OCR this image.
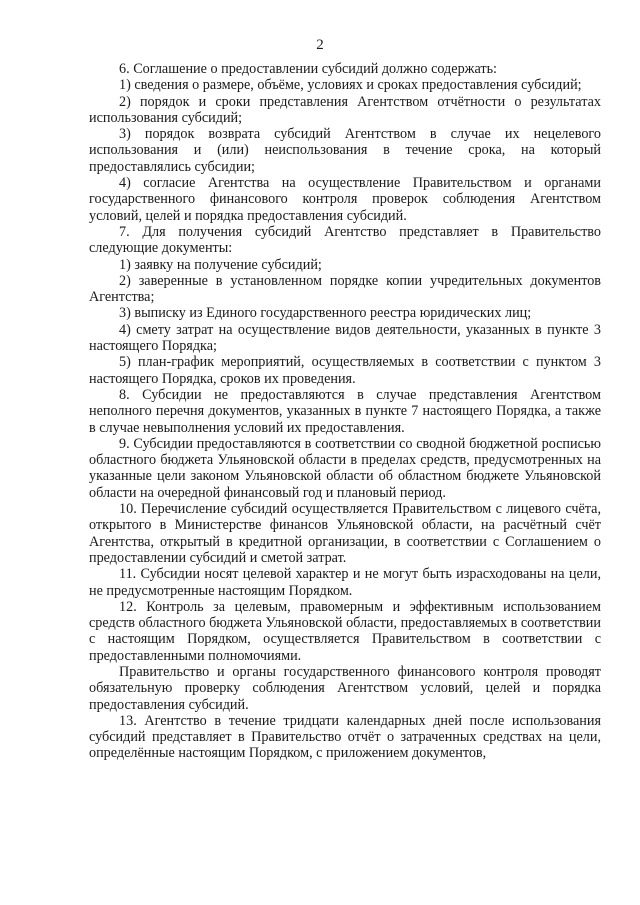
2

6. Соглашение о предоставлении субсидий должно содержать:

1) сведения о размере, объёме, условиях и сроках предоставления субсидий;

2) порядок и сроки представления Агентством отчётности о результатах использования субсидий;

3) порядок возврата субсидий Агентством в случае их нецелевого использования и (или) неиспользования в течение срока, на который предоставлялись субсидии;

4) согласие Агентства на осуществление Правительством и органами государственного финансового контроля проверок соблюдения Агентством условий, целей и порядка предоставления субсидий.

7. Для получения субсидий Агентство представляет в Правительство следующие документы:

1) заявку на получение субсидий;

2) заверенные в установленном порядке копии учредительных документов Агентства;

3) выписку из Единого государственного реестра юридических лиц;

4) смету затрат на осуществление видов деятельности, указанных в пункте 3 настоящего Порядка;

5) план-график мероприятий, осуществляемых в соответствии с пунктом 3 настоящего Порядка, сроков их проведения.

8. Субсидии не предоставляются в случае представления Агентством неполного перечня документов, указанных в пункте 7 настоящего Порядка, а также в случае невыполнения условий их предоставления.

9. Субсидии предоставляются в соответствии со сводной бюджетной росписью областного бюджета Ульяновской области в пределах средств, предусмотренных на указанные цели законом Ульяновской области об областном бюджете Ульяновской области на очередной финансовый год и плановый период.

10. Перечисление субсидий осуществляется Правительством с лицевого счёта, открытого в Министерстве финансов Ульяновской области, на расчётный счёт Агентства, открытый в кредитной организации, в соответствии с Соглашением о предоставлении субсидий и сметой затрат.

11. Субсидии носят целевой характер и не могут быть израсходованы на цели, не предусмотренные настоящим Порядком.

12. Контроль за целевым, правомерным и эффективным использованием средств областного бюджета Ульяновской области, предоставляемых в соответствии с настоящим Порядком, осуществляется Правительством в соответствии с предоставленными полномочиями.

Правительство и органы государственного финансового контроля проводят обязательную проверку соблюдения Агентством условий, целей и порядка предоставления субсидий.

13. Агентство в течение тридцати календарных дней после использования субсидий представляет в Правительство отчёт о затраченных средствах на цели, определённые настоящим Порядком, с приложением документов,
